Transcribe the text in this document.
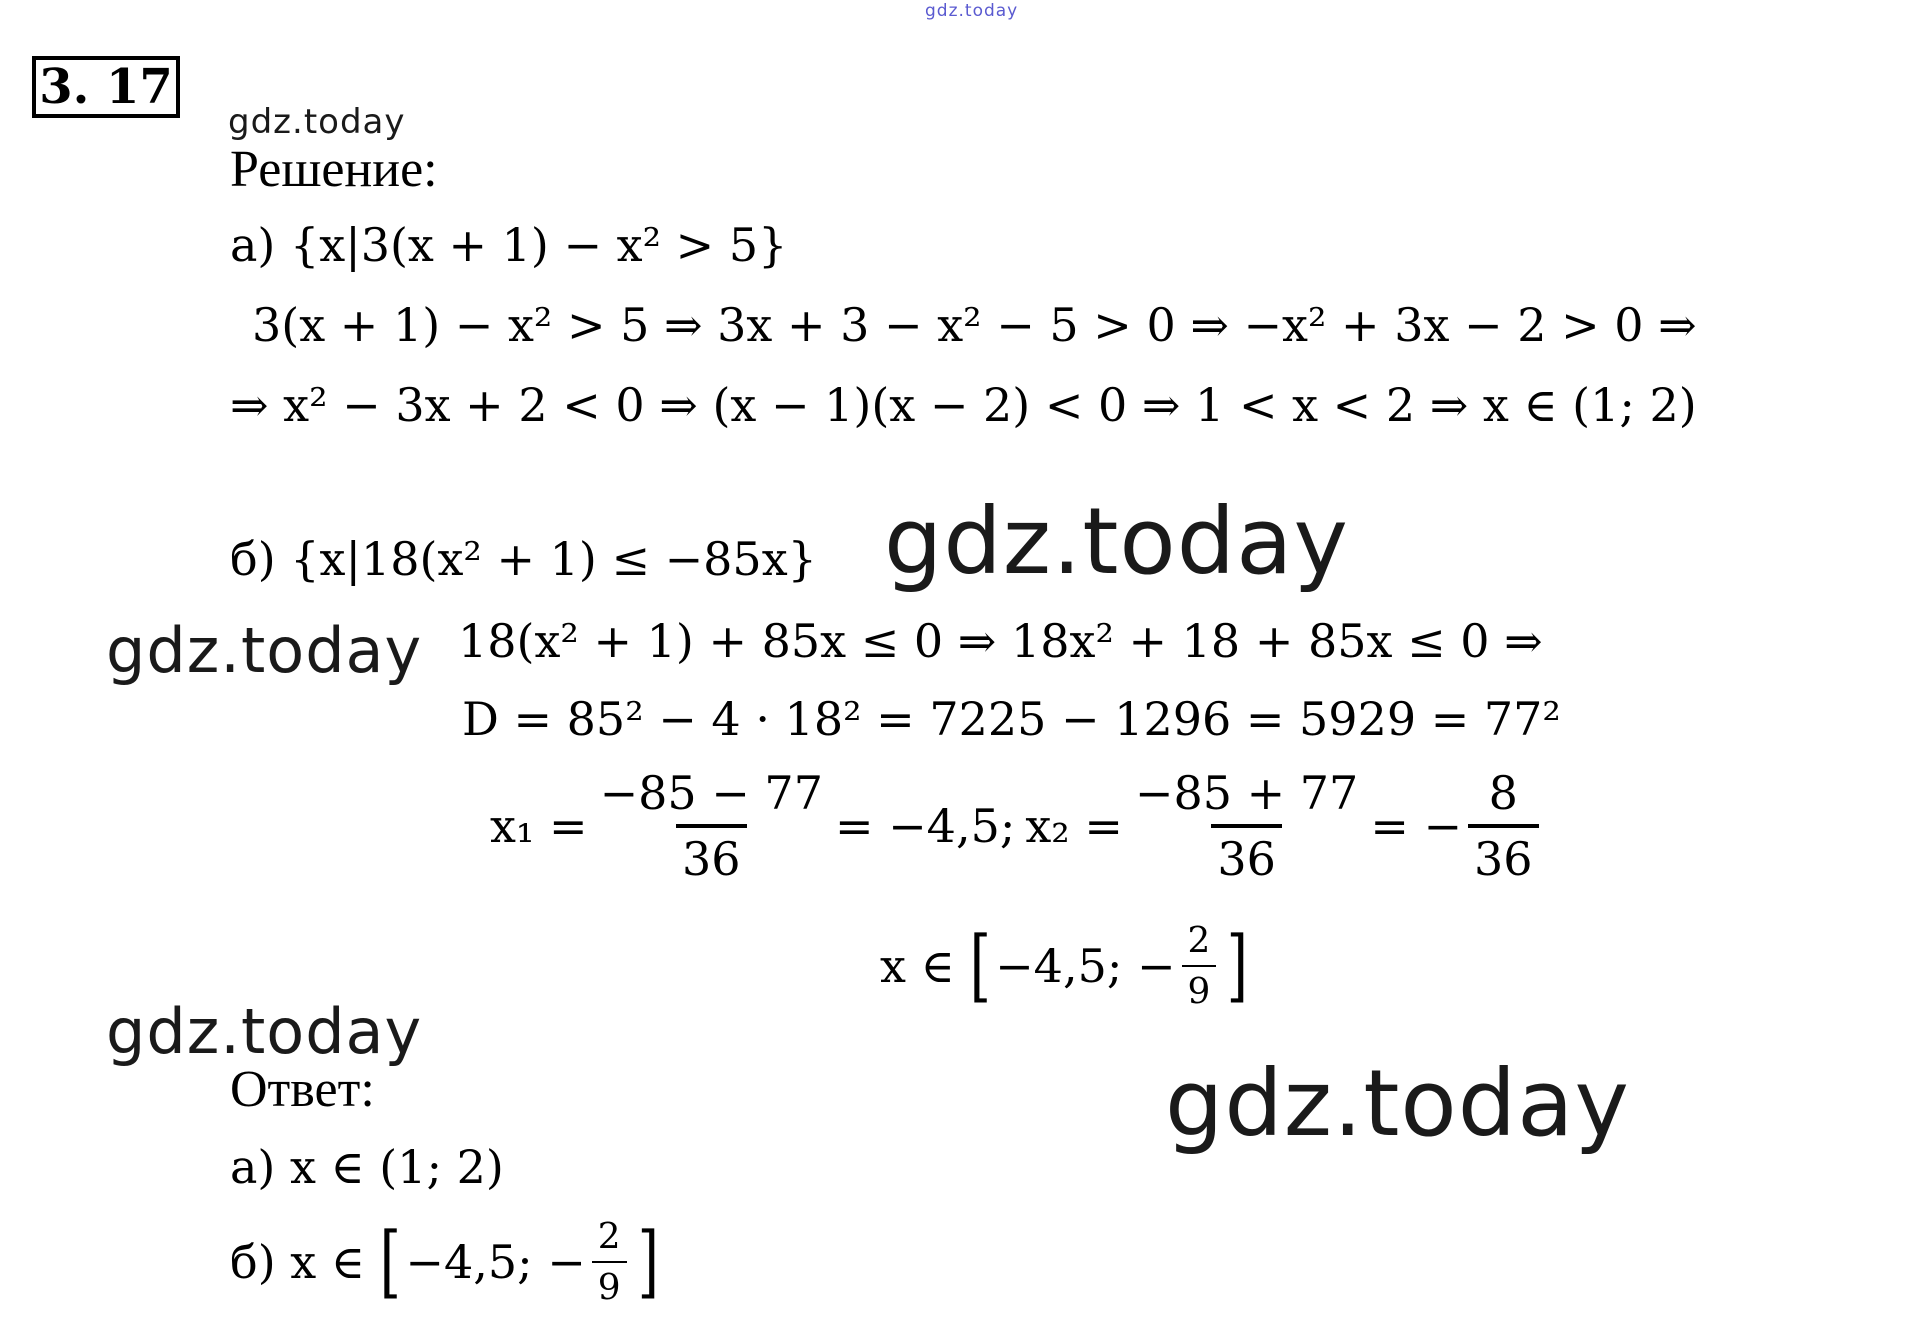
gdz.today
gdz.today
gdz.today
gdz.today
gdz.today
gdz.today
3. 17
Решение:
а) {x|3(x + 1) − x² > 5}
3(x + 1) − x² > 5 ⇒ 3x + 3 − x² − 5 > 0 ⇒ −x² + 3x − 2 > 0 ⇒
⇒ x² − 3x + 2 < 0 ⇒ (x − 1)(x − 2) < 0 ⇒ 1 < x < 2 ⇒ x ∈ (1; 2)
б) {x|18(x² + 1) ≤ −85x}
18(x² + 1) + 85x ≤ 0 ⇒ 18x² + 18 + 85x ≤ 0 ⇒
D = 85² − 4 · 18² = 7225 − 1296 = 5929 = 77²
$x_1 = \frac{-85 - 77}{36} = -4,5$; $x_2 = \frac{-85 + 77}{36}$ = − $\frac{8}{36}$
x ∈ [ −4,5; − $\frac{2}{9}$ ]
Ответ:
а) x ∈ (1; 2)
б) x ∈ [ −4,5; − $\frac{2}{9}$ ]
